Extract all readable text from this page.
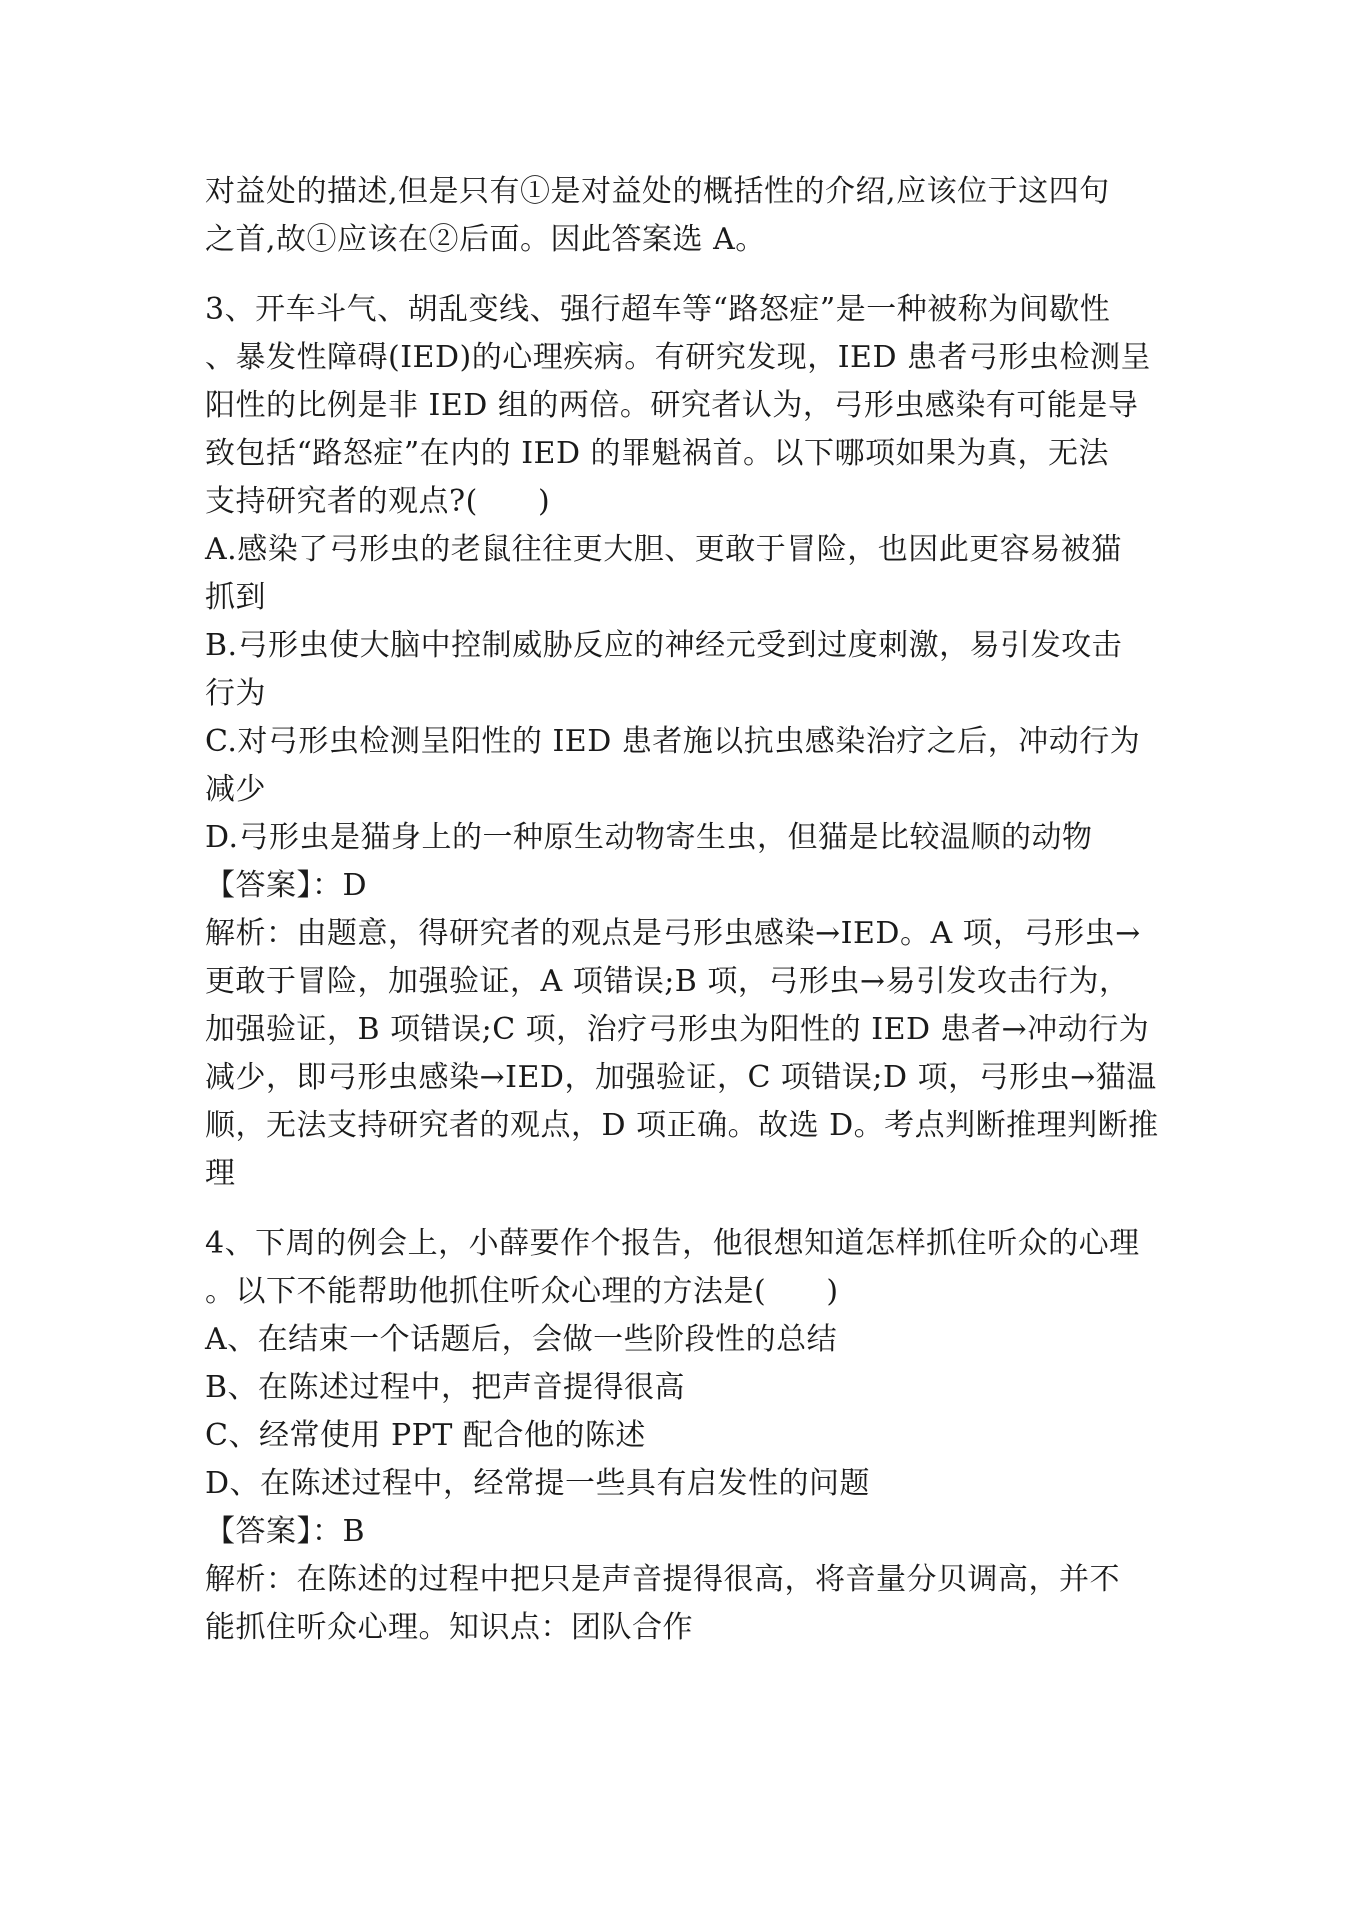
对益处的描述,但是只有①是对益处的概括性的介绍,应该位于这四句
之首,故①应该在②后面。因此答案选 A。
3、开车斗气、胡乱变线、强行超车等“路怒症”是一种被称为间歇性
、暴发性障碍(IED)的心理疾病。有研究发现，IED 患者弓形虫检测呈
阳性的比例是非 IED 组的两倍。研究者认为，弓形虫感染有可能是导
致包括“路怒症”在内的 IED 的罪魁祸首。以下哪项如果为真，无法
支持研究者的观点?(      )
A.感染了弓形虫的老鼠往往更大胆、更敢于冒险，也因此更容易被猫
抓到
B.弓形虫使大脑中控制威胁反应的神经元受到过度刺激，易引发攻击
行为
C.对弓形虫检测呈阳性的 IED 患者施以抗虫感染治疗之后，冲动行为
减少
D.弓形虫是猫身上的一种原生动物寄生虫，但猫是比较温顺的动物
【答案】：D
解析：由题意，得研究者的观点是弓形虫感染→IED。A 项，弓形虫→
更敢于冒险，加强验证，A 项错误;B 项，弓形虫→易引发攻击行为，
加强验证，B 项错误;C 项，治疗弓形虫为阳性的 IED 患者→冲动行为
减少，即弓形虫感染→IED，加强验证，C 项错误;D 项，弓形虫→猫温
顺，无法支持研究者的观点，D 项正确。故选 D。考点判断推理判断推
理
4、下周的例会上，小薛要作个报告，他很想知道怎样抓住听众的心理
。以下不能帮助他抓住听众心理的方法是(      )
A、在结束一个话题后，会做一些阶段性的总结
B、在陈述过程中，把声音提得很高
C、经常使用 PPT 配合他的陈述
D、在陈述过程中，经常提一些具有启发性的问题
【答案】：B
解析：在陈述的过程中把只是声音提得很高，将音量分贝调高，并不
能抓住听众心理。知识点：团队合作
